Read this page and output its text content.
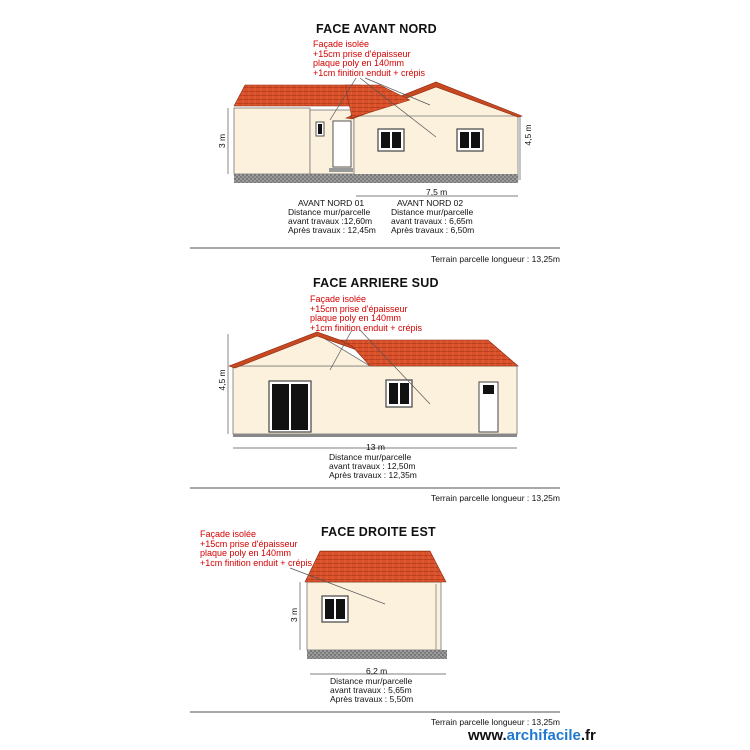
FACE AVANT NORD
Façade isolée
+15cm prise d'épaisseur
plaque poly en 140mm
+1cm finition enduit + crépis
3 m	4,5 m
7,5 m
AVANT NORD 01
Distance mur/parcelle
avant travaux :12,60m
Après travaux : 12,45m
AVANT NORD 02
Distance mur/parcelle
avant travaux : 6,65m
Après travaux : 6,50m
Terrain parcelle longueur : 13,25m
FACE ARRIERE SUD
Façade isolée
+15cm prise d'épaisseur
plaque poly en 140mm
+1cm finition enduit + crépis
4,5 m
13 m
Distance mur/parcelle
avant travaux : 12,50m
Après travaux : 12,35m
Terrain parcelle longueur : 13,25m
FACE DROITE EST
Façade isolée
+15cm prise d'épaisseur
plaque poly en 140mm
+1cm finition enduit + crépis
3 m
6,2 m
Distance mur/parcelle
avant travaux : 5,65m
Après travaux : 5,50m
Terrain parcelle longueur : 13,25m
www.archifacile.fr
